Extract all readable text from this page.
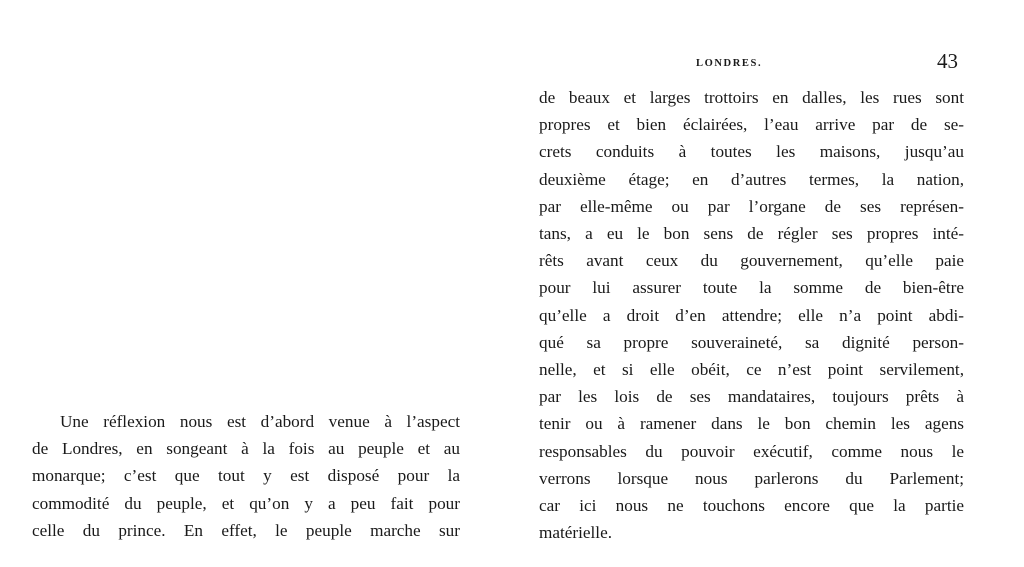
Une réflexion nous est d’abord venue à l’aspect

de Londres, en songeant à la fois au peuple et au

monarque; c’est que tout y est disposé pour la

commodité du peuple, et qu’on y a peu fait pour

celle du prince. En effet, le peuple marche sur

LONDRES.	43

de beaux et larges trottoirs en dalles, les rues sont

propres et bien éclairées, l’eau arrive par de se-

crets conduits à toutes les maisons, jusqu’au

deuxième étage; en d’autres termes, la nation,

par elle-même ou par l’organe de ses représen-

tans, a eu le bon sens de régler ses propres inté-

rêts avant ceux du gouvernement, qu’elle paie

pour lui assurer toute la somme de bien-être

qu’elle a droit d’en attendre; elle n’a point abdi-

qué sa propre souveraineté, sa dignité person-

nelle, et si elle obéit, ce n’est point servilement,

par les lois de ses mandataires, toujours prêts à

tenir ou à ramener dans le bon chemin les agens

responsables du pouvoir exécutif, comme nous le

verrons lorsque nous parlerons du Parlement;

car ici nous ne touchons encore que la partie

matérielle.
